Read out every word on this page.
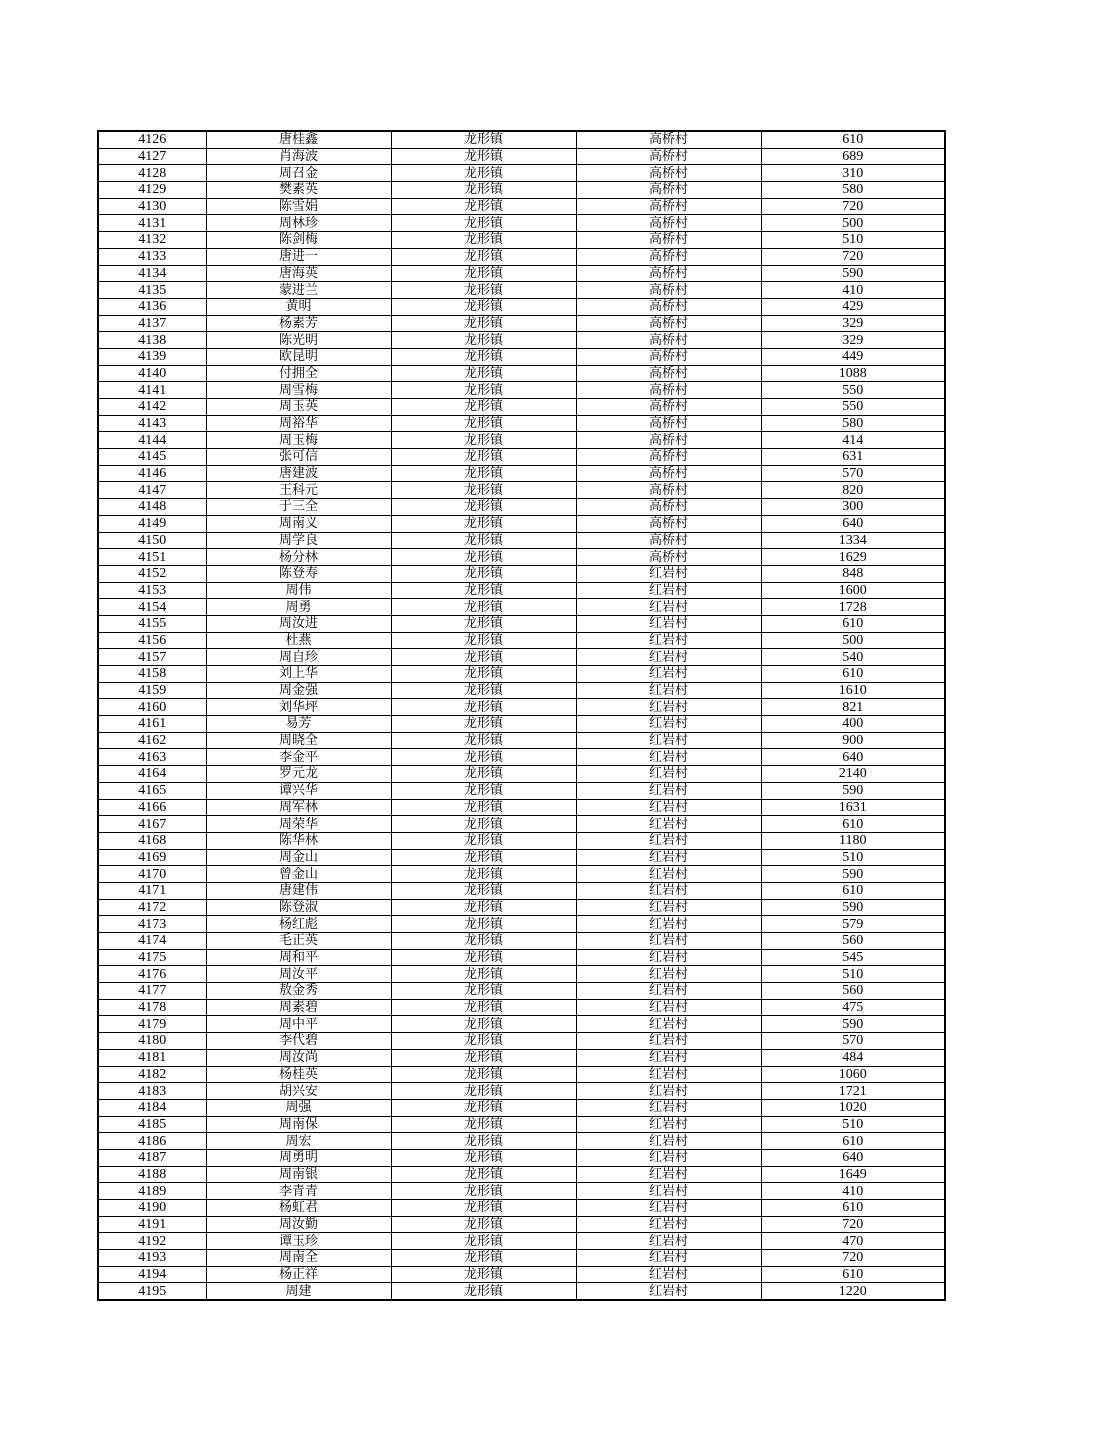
4126	唐桂鑫	龙形镇	高桥村	610
4127	肖海波	龙形镇	高桥村	689
4128	周召金	龙形镇	高桥村	310
4129	樊素英	龙形镇	高桥村	580
4130	陈雪娟	龙形镇	高桥村	720
4131	周林珍	龙形镇	高桥村	500
4132	陈剑梅	龙形镇	高桥村	510
4133	唐进一	龙形镇	高桥村	720
4134	唐海英	龙形镇	高桥村	590
4135	蒙进兰	龙形镇	高桥村	410
4136	黄明	龙形镇	高桥村	429
4137	杨素芳	龙形镇	高桥村	329
4138	陈光明	龙形镇	高桥村	329
4139	欧昆明	龙形镇	高桥村	449
4140	付拥全	龙形镇	高桥村	1088
4141	周雪梅	龙形镇	高桥村	550
4142	周玉英	龙形镇	高桥村	550
4143	周裕华	龙形镇	高桥村	580
4144	周玉梅	龙形镇	高桥村	414
4145	张可信	龙形镇	高桥村	631
4146	唐建波	龙形镇	高桥村	570
4147	王科元	龙形镇	高桥村	820
4148	于三全	龙形镇	高桥村	300
4149	周南义	龙形镇	高桥村	640
4150	周学良	龙形镇	高桥村	1334
4151	杨分林	龙形镇	高桥村	1629
4152	陈登寿	龙形镇	红岩村	848
4153	周伟	龙形镇	红岩村	1600
4154	周勇	龙形镇	红岩村	1728
4155	周汝进	龙形镇	红岩村	610
4156	杜燕	龙形镇	红岩村	500
4157	周自珍	龙形镇	红岩村	540
4158	刘上华	龙形镇	红岩村	610
4159	周金强	龙形镇	红岩村	1610
4160	刘华坪	龙形镇	红岩村	821
4161	易芳	龙形镇	红岩村	400
4162	周晓全	龙形镇	红岩村	900
4163	李金平	龙形镇	红岩村	640
4164	罗元龙	龙形镇	红岩村	2140
4165	谭兴华	龙形镇	红岩村	590
4166	周军林	龙形镇	红岩村	1631
4167	周荣华	龙形镇	红岩村	610
4168	陈华林	龙形镇	红岩村	1180
4169	周金山	龙形镇	红岩村	510
4170	曾金山	龙形镇	红岩村	590
4171	唐建伟	龙形镇	红岩村	610
4172	陈登淑	龙形镇	红岩村	590
4173	杨红彪	龙形镇	红岩村	579
4174	毛正英	龙形镇	红岩村	560
4175	周和平	龙形镇	红岩村	545
4176	周汝平	龙形镇	红岩村	510
4177	敖金秀	龙形镇	红岩村	560
4178	周素碧	龙形镇	红岩村	475
4179	周中平	龙形镇	红岩村	590
4180	李代碧	龙形镇	红岩村	570
4181	周汝尚	龙形镇	红岩村	484
4182	杨桂英	龙形镇	红岩村	1060
4183	胡兴安	龙形镇	红岩村	1721
4184	周强	龙形镇	红岩村	1020
4185	周南保	龙形镇	红岩村	510
4186	周宏	龙形镇	红岩村	610
4187	周勇明	龙形镇	红岩村	640
4188	周南银	龙形镇	红岩村	1649
4189	李青青	龙形镇	红岩村	410
4190	杨虹君	龙形镇	红岩村	610
4191	周汝勤	龙形镇	红岩村	720
4192	谭玉珍	龙形镇	红岩村	470
4193	周南全	龙形镇	红岩村	720
4194	杨正祥	龙形镇	红岩村	610
4195	周建	龙形镇	红岩村	1220
